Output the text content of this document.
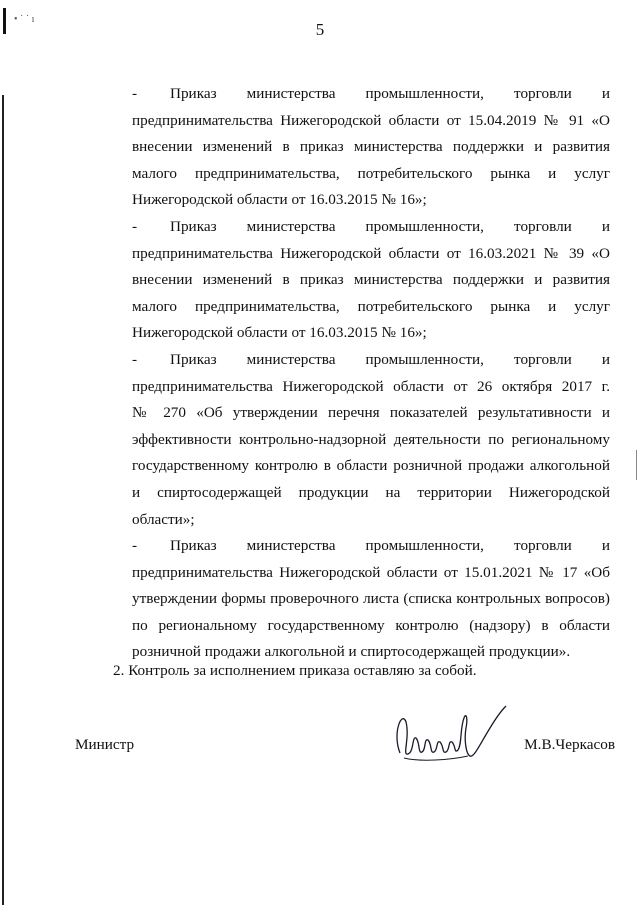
• ˙ ˙ ı
5
- Приказ министерства промышленности, торговли и
предпринимательства Нижегородской области от 15.04.2019 № 91 «О
внесении изменений в приказ министерства поддержки и развития
малого предпринимательства, потребительского рынка и услуг
Нижегородской области от 16.03.2015 № 16»;
- Приказ министерства промышленности, торговли и
предпринимательства Нижегородской области от 16.03.2021 № 39 «О
внесении изменений в приказ министерства поддержки и развития
малого предпринимательства, потребительского рынка и услуг
Нижегородской области от 16.03.2015 № 16»;
- Приказ министерства промышленности, торговли и
предпринимательства Нижегородской области от 26 октября 2017 г.
№ 270 «Об утверждении перечня показателей результативности и
эффективности контрольно-надзорной деятельности по региональному
государственному контролю в области розничной продажи алкогольной
и спиртосодержащей продукции на территории Нижегородской
области»;
- Приказ министерства промышленности, торговли и
предпринимательства Нижегородской области от 15.01.2021 № 17 «Об
утверждении формы проверочного листа (списка контрольных вопросов)
по региональному государственному контролю (надзору) в области
розничной продажи алкогольной и спиртосодержащей продукции».
2. Контроль за исполнением приказа оставляю за собой.
Министр	М.В.Черкасов
